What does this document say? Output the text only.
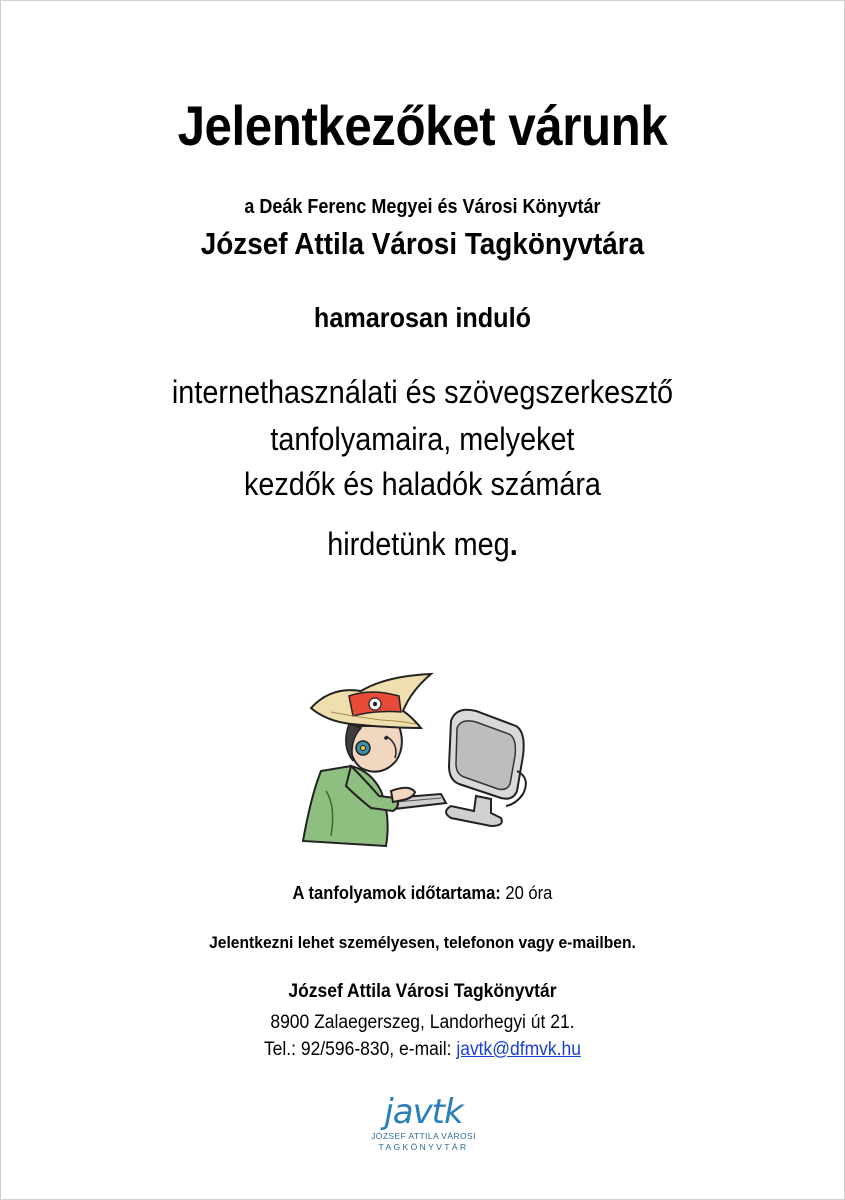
Jelentkezőket várunk
a Deák Ferenc Megyei és Városi Könyvtár
József Attila Városi Tagkönyvtára
hamarosan induló
internethasználati és szövegszerkesztő
tanfolyamaira, melyeket
kezdők és haladók számára
hirdetünk meg.
A tanfolyamok időtartama: 20 óra
Jelentkezni lehet személyesen, telefonon vagy e-mailben.
József Attila Városi Tagkönyvtár
8900 Zalaegerszeg, Landorhegyi út 21.
Tel.: 92/596-830, e-mail: javtk@dfmvk.hu
javtk
JÓZSEF ATTILA VÁROSI
TAGKÖNYVTÁR
